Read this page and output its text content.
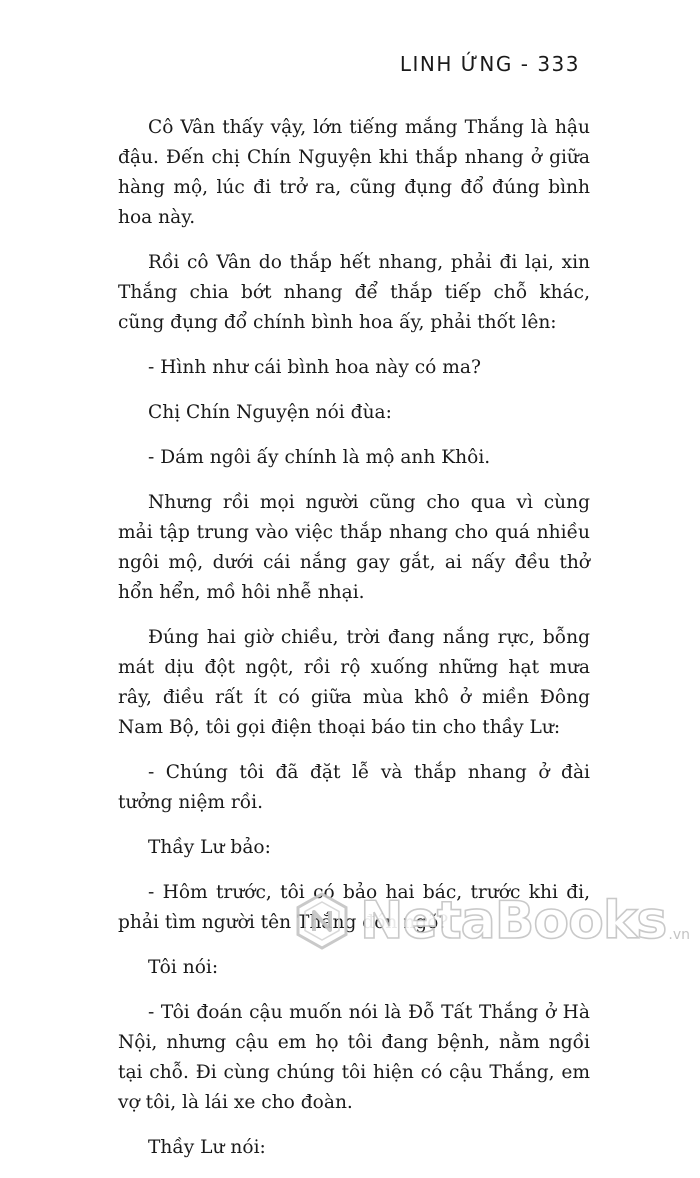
LINH ỨNG - 333

Cô Vân thấy vậy, lớn tiếng mắng Thắng là hậu đậu. Đến chị Chín Nguyện khi thắp nhang ở giữa hàng mộ, lúc đi trở ra, cũng đụng đổ đúng bình hoa này.

Rồi cô Vân do thắp hết nhang, phải đi lại, xin Thắng chia bớt nhang để thắp tiếp chỗ khác, cũng đụng đổ chính bình hoa ấy, phải thốt lên:

- Hình như cái bình hoa này có ma?

Chị Chín Nguyện nói đùa:

- Dám ngôi ấy chính là mộ anh Khôi.

Nhưng rồi mọi người cũng cho qua vì cùng mải tập trung vào việc thắp nhang cho quá nhiều ngôi mộ, dưới cái nắng gay gắt, ai nấy đều thở hổn hển, mồ hôi nhễ nhại.

Đúng hai giờ chiều, trời đang nắng rực, bỗng mát dịu đột ngột, rồi rộ xuống những hạt mưa rây, điều rất ít có giữa mùa khô ở miền Đông Nam Bộ, tôi gọi điện thoại báo tin cho thầy Lư:

- Chúng tôi đã đặt lễ và thắp nhang ở đài tưởng niệm rồi.

Thầy Lư bảo:

- Hôm trước, tôi có bảo hai bác, trước khi đi, phải tìm người tên Thắng đón ngõ?

Tôi nói:

- Tôi đoán cậu muốn nói là Đỗ Tất Thắng ở Hà Nội, nhưng cậu em họ tôi đang bệnh, nằm ngồi tại chỗ. Đi cùng chúng tôi hiện có cậu Thắng, em vợ tôi, là lái xe cho đoàn.

Thầy Lư nói:

NetaBooks .vn
